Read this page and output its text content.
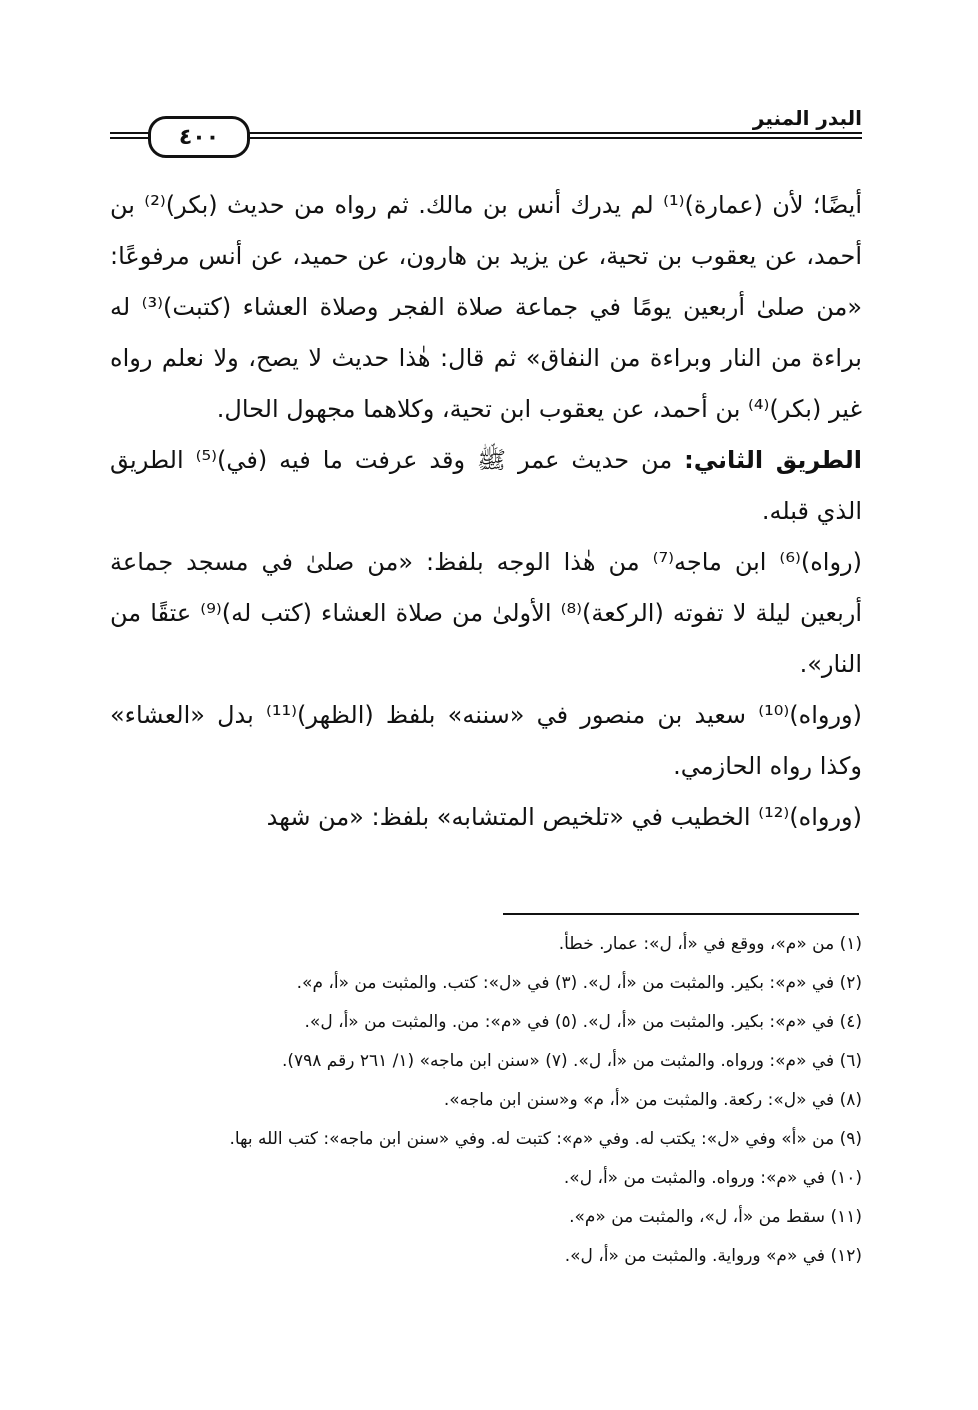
البدر المنير
٤٠٠

أيضًا؛ لأن (عمارة)⁽¹⁾ لم يدرك أنس بن مالك. ثم رواه من حديث (بكر)⁽²⁾ بن أحمد، عن يعقوب بن تحية، عن يزيد بن هارون، عن حميد، عن أنس مرفوعًا: «من صلىٰ أربعين يومًا في جماعة صلاة الفجر وصلاة العشاء (كتبت)⁽³⁾ له براءة من النار وبراءة من النفاق» ثم قال: هٰذا حديث لا يصح، ولا نعلم رواه غير (بكر)⁽⁴⁾ بن أحمد، عن يعقوب ابن تحية، وكلاهما مجهول الحال.

الطريق الثاني: من حديث عمر ﷺ وقد عرفت ما فيه (في)⁽⁵⁾ الطريق الذي قبله.

(رواه)⁽⁶⁾ ابن ماجه⁽⁷⁾ من هٰذا الوجه بلفظ: «من صلىٰ في مسجد جماعة أربعين ليلة لا تفوته (الركعة)⁽⁸⁾ الأولىٰ من صلاة العشاء (كتب له)⁽⁹⁾ عتقًا من النار».

(ورواه)⁽¹⁰⁾ سعيد بن منصور في «سننه» بلفظ (الظهر)⁽¹¹⁾ بدل «العشاء» وكذا رواه الحازمي.

(ورواه)⁽¹²⁾ الخطيب في «تلخيص المتشابه» بلفظ: «من شهد

(١) من «م»، ووقع في «أ، ل»: عمار. خطأ.

(٢) في «م»: بكير. والمثبت من «أ، ل». (٣) في «ل»: كتب. والمثبت من «أ، م».

(٤) في «م»: بكير. والمثبت من «أ، ل». (٥) في «م»: من. والمثبت من «أ، ل».

(٦) في «م»: ورواه. والمثبت من «أ، ل». (٧) «سنن ابن ماجه» (١/ ٢٦١ رقم ٧٩٨).

(٨) في «ل»: ركعة. والمثبت من «أ، م» و«سنن ابن ماجه».

(٩) من «أ» وفي «ل»: يكتب له. وفي «م»: كتبت له. وفي «سنن ابن ماجه»: كتب الله بها.

(١٠) في «م»: ورواه. والمثبت من «أ، ل».

(١١) سقط من «أ، ل»، والمثبت من «م».

(١٢) في «م» ورواية. والمثبت من «أ، ل».
